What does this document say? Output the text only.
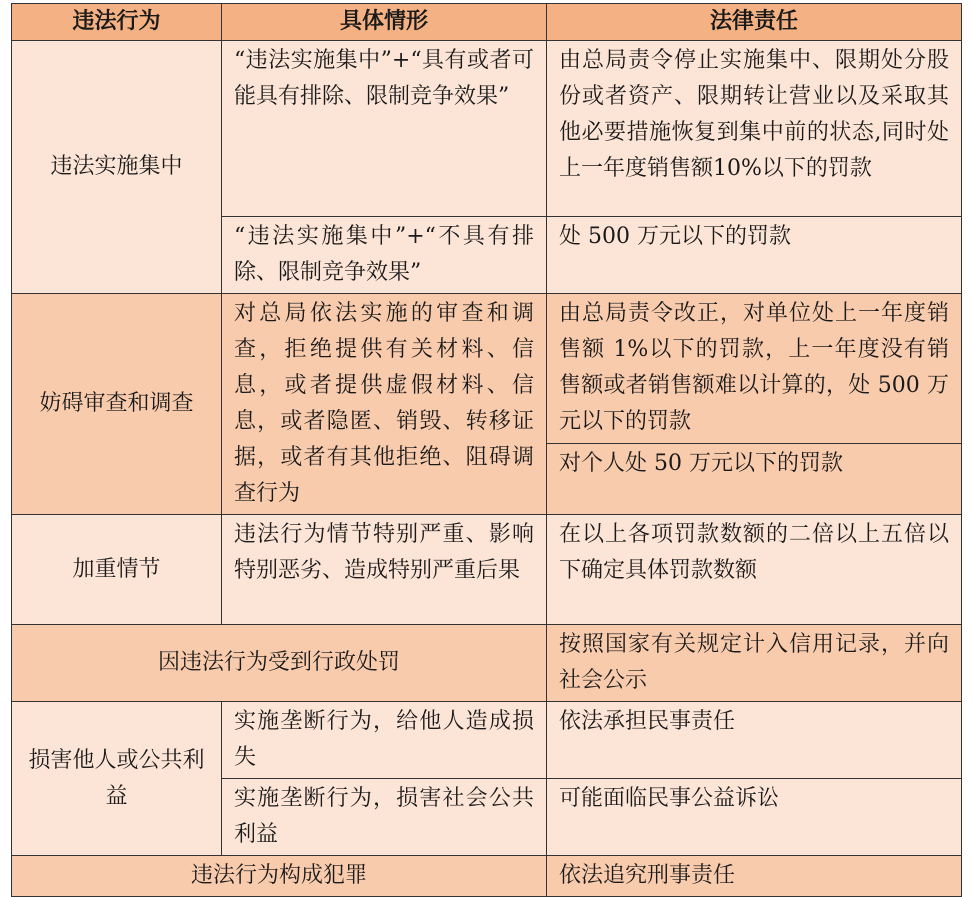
违法行为	具体情形	法律责任
违法实施集中	“违法实施集中”+“具有或者可能具有排除、限制竞争效果”	由总局责令停止实施集中、限期处分股份或者资产、限期转让营业以及采取其他必要措施恢复到集中前的状态,同时处上一年度销售额10%以下的罚款
	“违法实施集中”+“不具有排除、限制竞争效果”	处 500 万元以下的罚款
妨碍审查和调查	对总局依法实施的审查和调查，拒绝提供有关材料、信息，或者提供虚假材料、信息，或者隐匿、销毁、转移证据，或者有其他拒绝、阻碍调查行为	由总局责令改正，对单位处上一年度销售额 1%以下的罚款，上一年度没有销售额或者销售额难以计算的，处 500 万元以下的罚款
		对个人处 50 万元以下的罚款
加重情节	违法行为情节特别严重、影响特别恶劣、造成特别严重后果	在以上各项罚款数额的二倍以上五倍以下确定具体罚款数额
因违法行为受到行政处罚		按照国家有关规定计入信用记录，并向社会公示
损害他人或公共利益	实施垄断行为，给他人造成损失	依法承担民事责任
	实施垄断行为，损害社会公共利益	可能面临民事公益诉讼
违法行为构成犯罪		依法追究刑事责任
